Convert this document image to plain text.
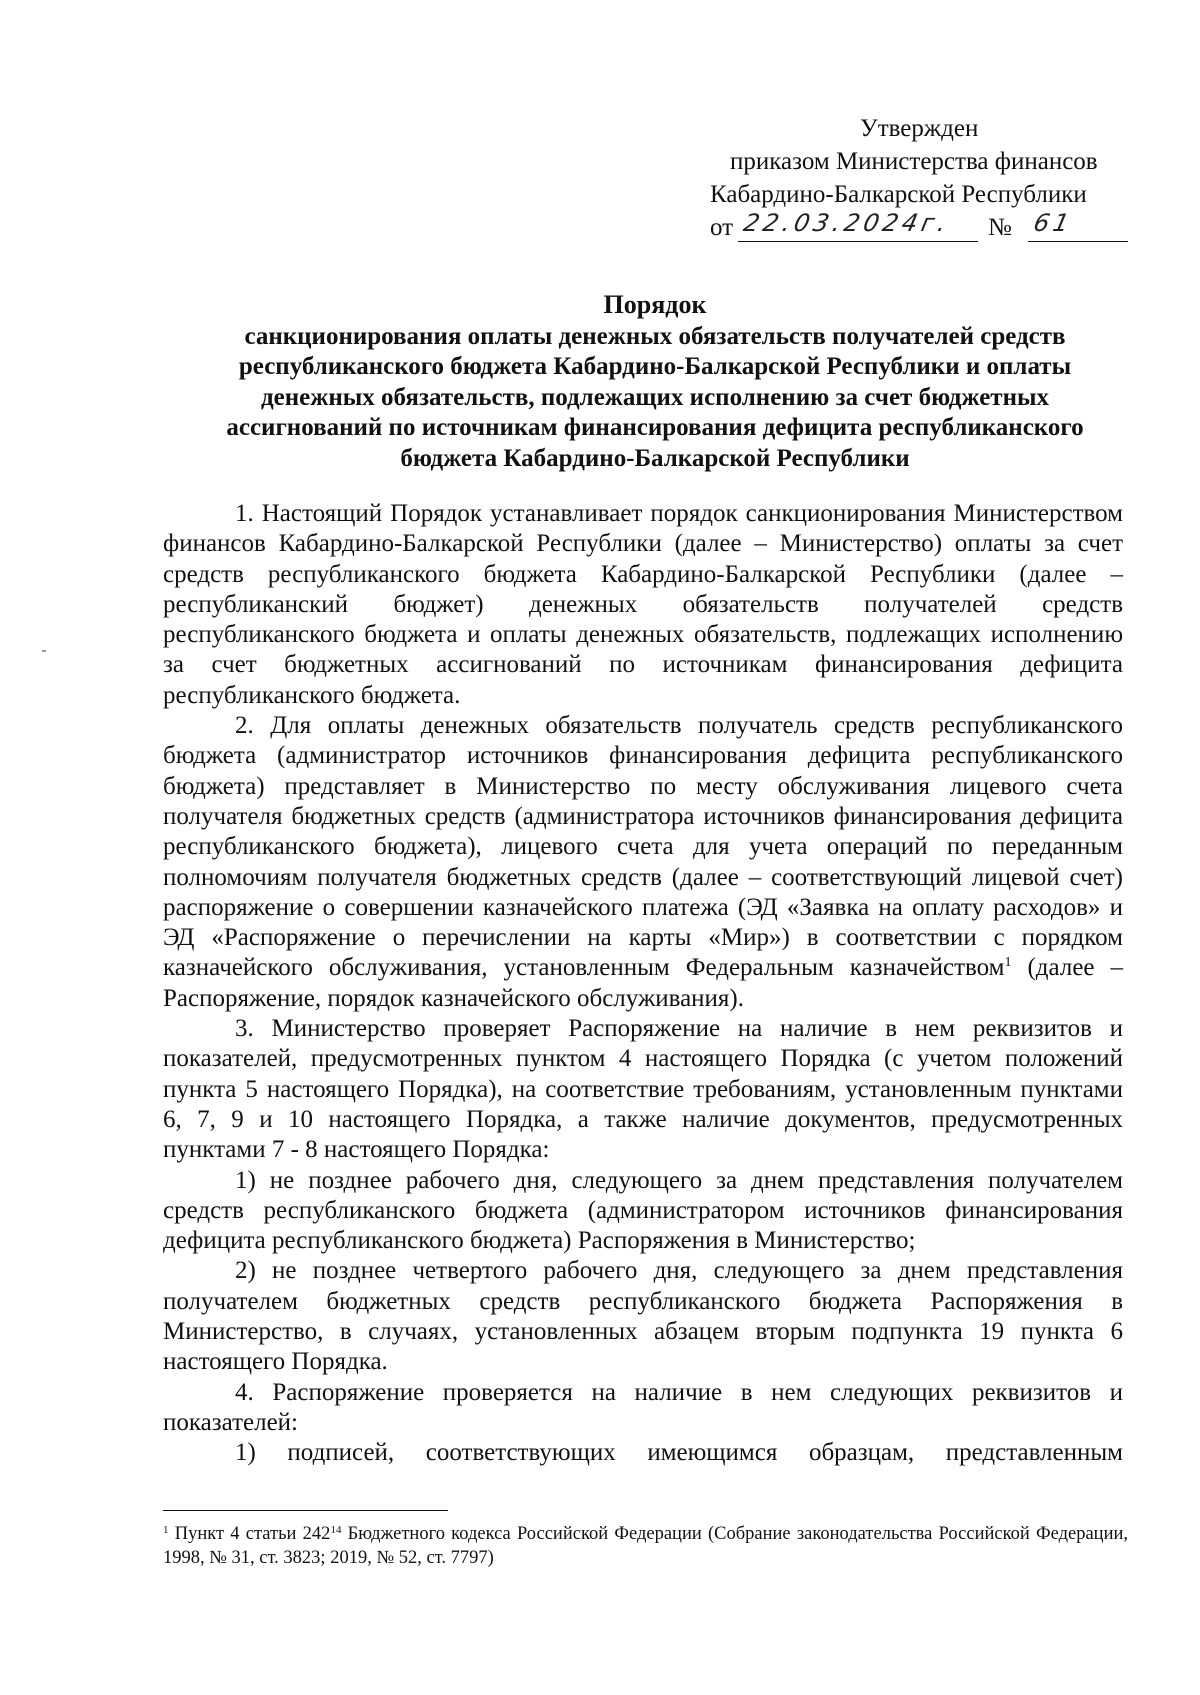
Утвержден
приказом Министерства финансов
Кабардино-Балкарской Республики
от 22.03.2024г. № 61
Порядок
санкционирования оплаты денежных обязательств получателей средств
республиканского бюджета Кабардино-Балкарской Республики и оплаты
денежных обязательств, подлежащих исполнению за счет бюджетных
ассигнований по источникам финансирования дефицита республиканского
бюджета Кабардино-Балкарской Республики

1. Настоящий Порядок устанавливает порядок санкционирования Министерством финансов Кабардино-Балкарской Республики (далее – Министерство) оплаты за счет средств республиканского бюджета Кабардино-Балкарской Республики (далее – республиканский бюджет) денежных обязательств получателей средств республиканского бюджета и оплаты денежных обязательств, подлежащих исполнению за счет бюджетных ассигнований по источникам финансирования дефицита республиканского бюджета.

2. Для оплаты денежных обязательств получатель средств республиканского бюджета (администратор источников финансирования дефицита республиканского бюджета) представляет в Министерство по месту обслуживания лицевого счета получателя бюджетных средств (администратора источников финансирования дефицита республиканского бюджета), лицевого счета для учета операций по переданным полномочиям получателя бюджетных средств (далее – соответствующий лицевой счет) распоряжение о совершении казначейского платежа (ЭД «Заявка на оплату расходов» и ЭД «Распоряжение о перечислении на карты «Мир») в соответствии с порядком казначейского обслуживания, установленным Федеральным казначейством$^1$ (далее – Распоряжение, порядок казначейского обслуживания).

3. Министерство проверяет Распоряжение на наличие в нем реквизитов и показателей, предусмотренных пунктом 4 настоящего Порядка (с учетом положений пункта 5 настоящего Порядка), на соответствие требованиям, установленным пунктами 6, 7, 9 и 10 настоящего Порядка, а также наличие документов, предусмотренных пунктами 7 - 8 настоящего Порядка:

1) не позднее рабочего дня, следующего за днем представления получателем средств республиканского бюджета (администратором источников финансирования дефицита республиканского бюджета) Распоряжения в Министерство;

2) не позднее четвертого рабочего дня, следующего за днем представления получателем бюджетных средств республиканского бюджета Распоряжения в Министерство, в случаях, установленных абзацем вторым подпункта 19 пункта 6 настоящего Порядка.

4. Распоряжение проверяется на наличие в нем следующих реквизитов и показателей:

1) подписей, соответствующих имеющимся образцам, представленным

$^1$ Пункт 4 статьи $242^{14}$ Бюджетного кодекса Российской Федерации (Собрание законодательства Российской Федерации, 1998, № 31, ст. 3823; 2019, № 52, ст. 7797)
